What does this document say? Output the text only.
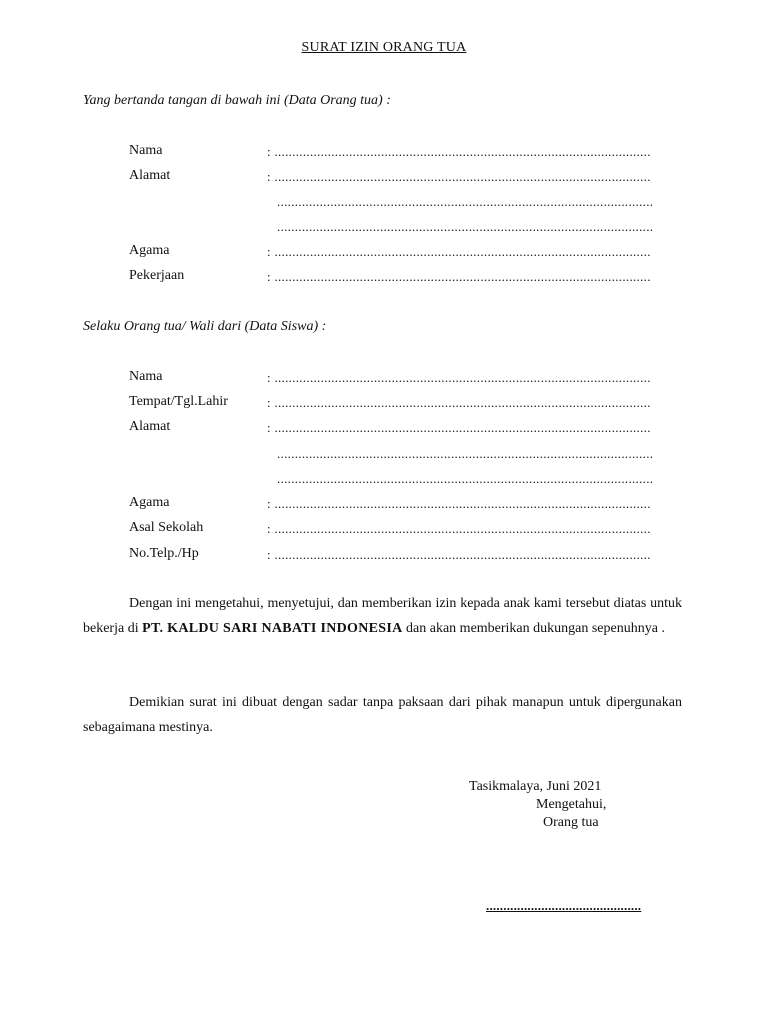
SURAT IZIN ORANG TUA
Yang bertanda tangan di bawah ini (Data Orang tua) :
Nama	: ..........................................................................................................
Alamat	: ..........................................................................................................
..........................................................................................................
..........................................................................................................
Agama	: ..........................................................................................................
Pekerjaan	: ..........................................................................................................
Selaku Orang tua/ Wali dari (Data Siswa) :
Nama	: ..........................................................................................................
Tempat/Tgl.Lahir	: ..........................................................................................................
Alamat	: ..........................................................................................................
..........................................................................................................
..........................................................................................................
Agama	: ..........................................................................................................
Asal Sekolah	: ..........................................................................................................
No.Telp./Hp	: ..........................................................................................................
Dengan ini mengetahui, menyetujui, dan memberikan izin kepada anak kami tersebut diatas untuk bekerja di PT. KALDU SARI NABATI INDONESIA dan akan memberikan dukungan sepenuhnya .
Demikian surat ini dibuat dengan sadar tanpa paksaan dari pihak manapun untuk dipergunakan sebagaimana mestinya.
Tasikmalaya, Juni 2021
Mengetahui,
Orang tua
.............................................
